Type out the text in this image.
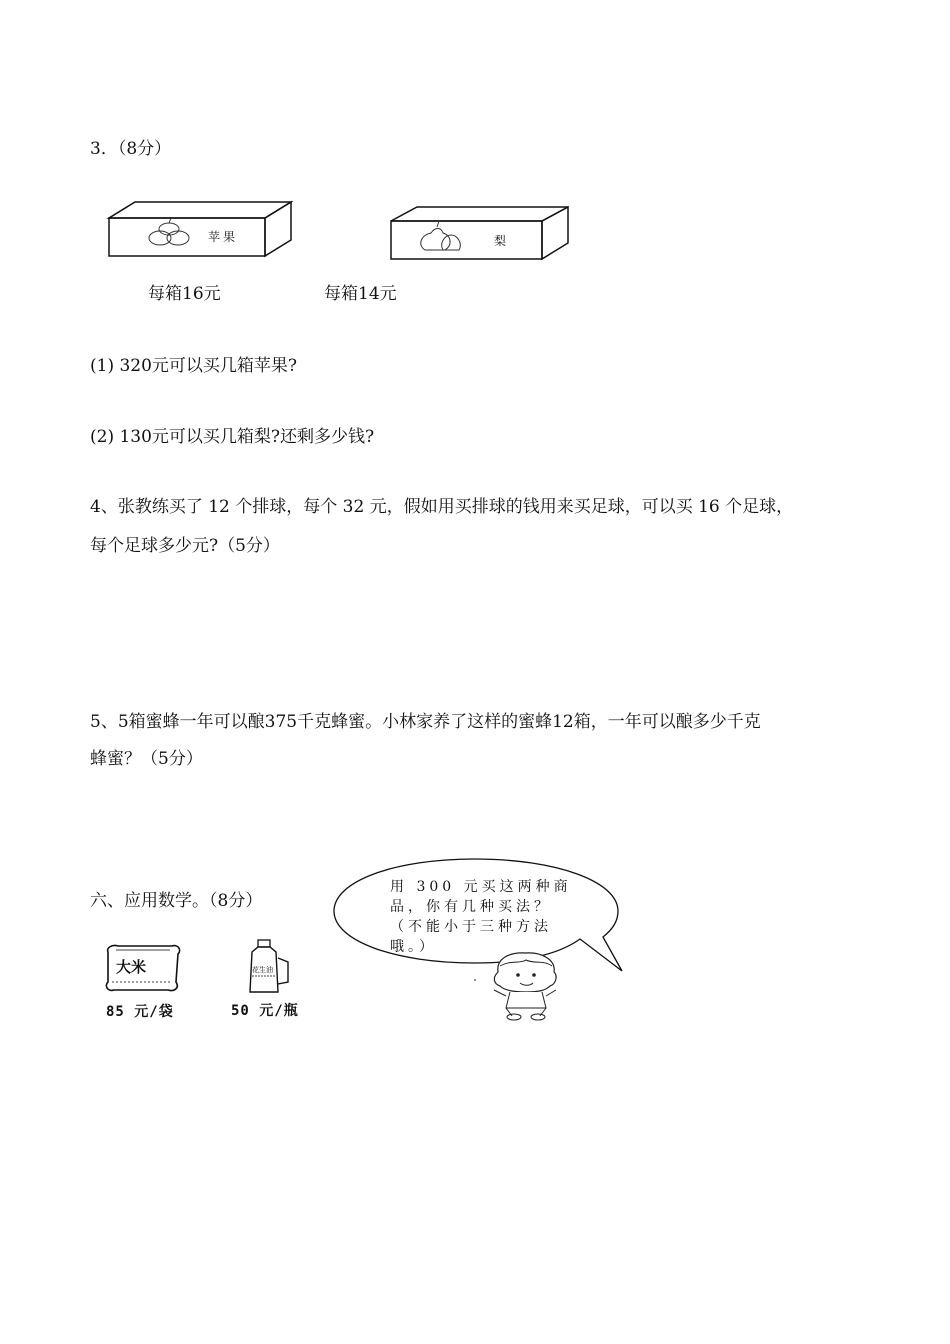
3．（8分）
苹果	梨
每箱16元	每箱14元
(1) 320元可以买几箱苹果?
(2) 130元可以买几箱梨?还剩多少钱?
4、张教练买了 12 个排球，每个 32 元，假如用买排球的钱用来买足球，可以买 16 个足球，
每个足球多少元?（5分）
5、5箱蜜蜂一年可以酿375千克蜂蜜。小林家养了这样的蜜蜂12箱，一年可以酿多少千克
蜂蜜？（5分）
六、应用数学。（8分）
用 300 元买这两种商
品，你有几种买法？
（不能小于三种方法
哦。）
大米	花生油
85 元/袋	50 元/瓶
